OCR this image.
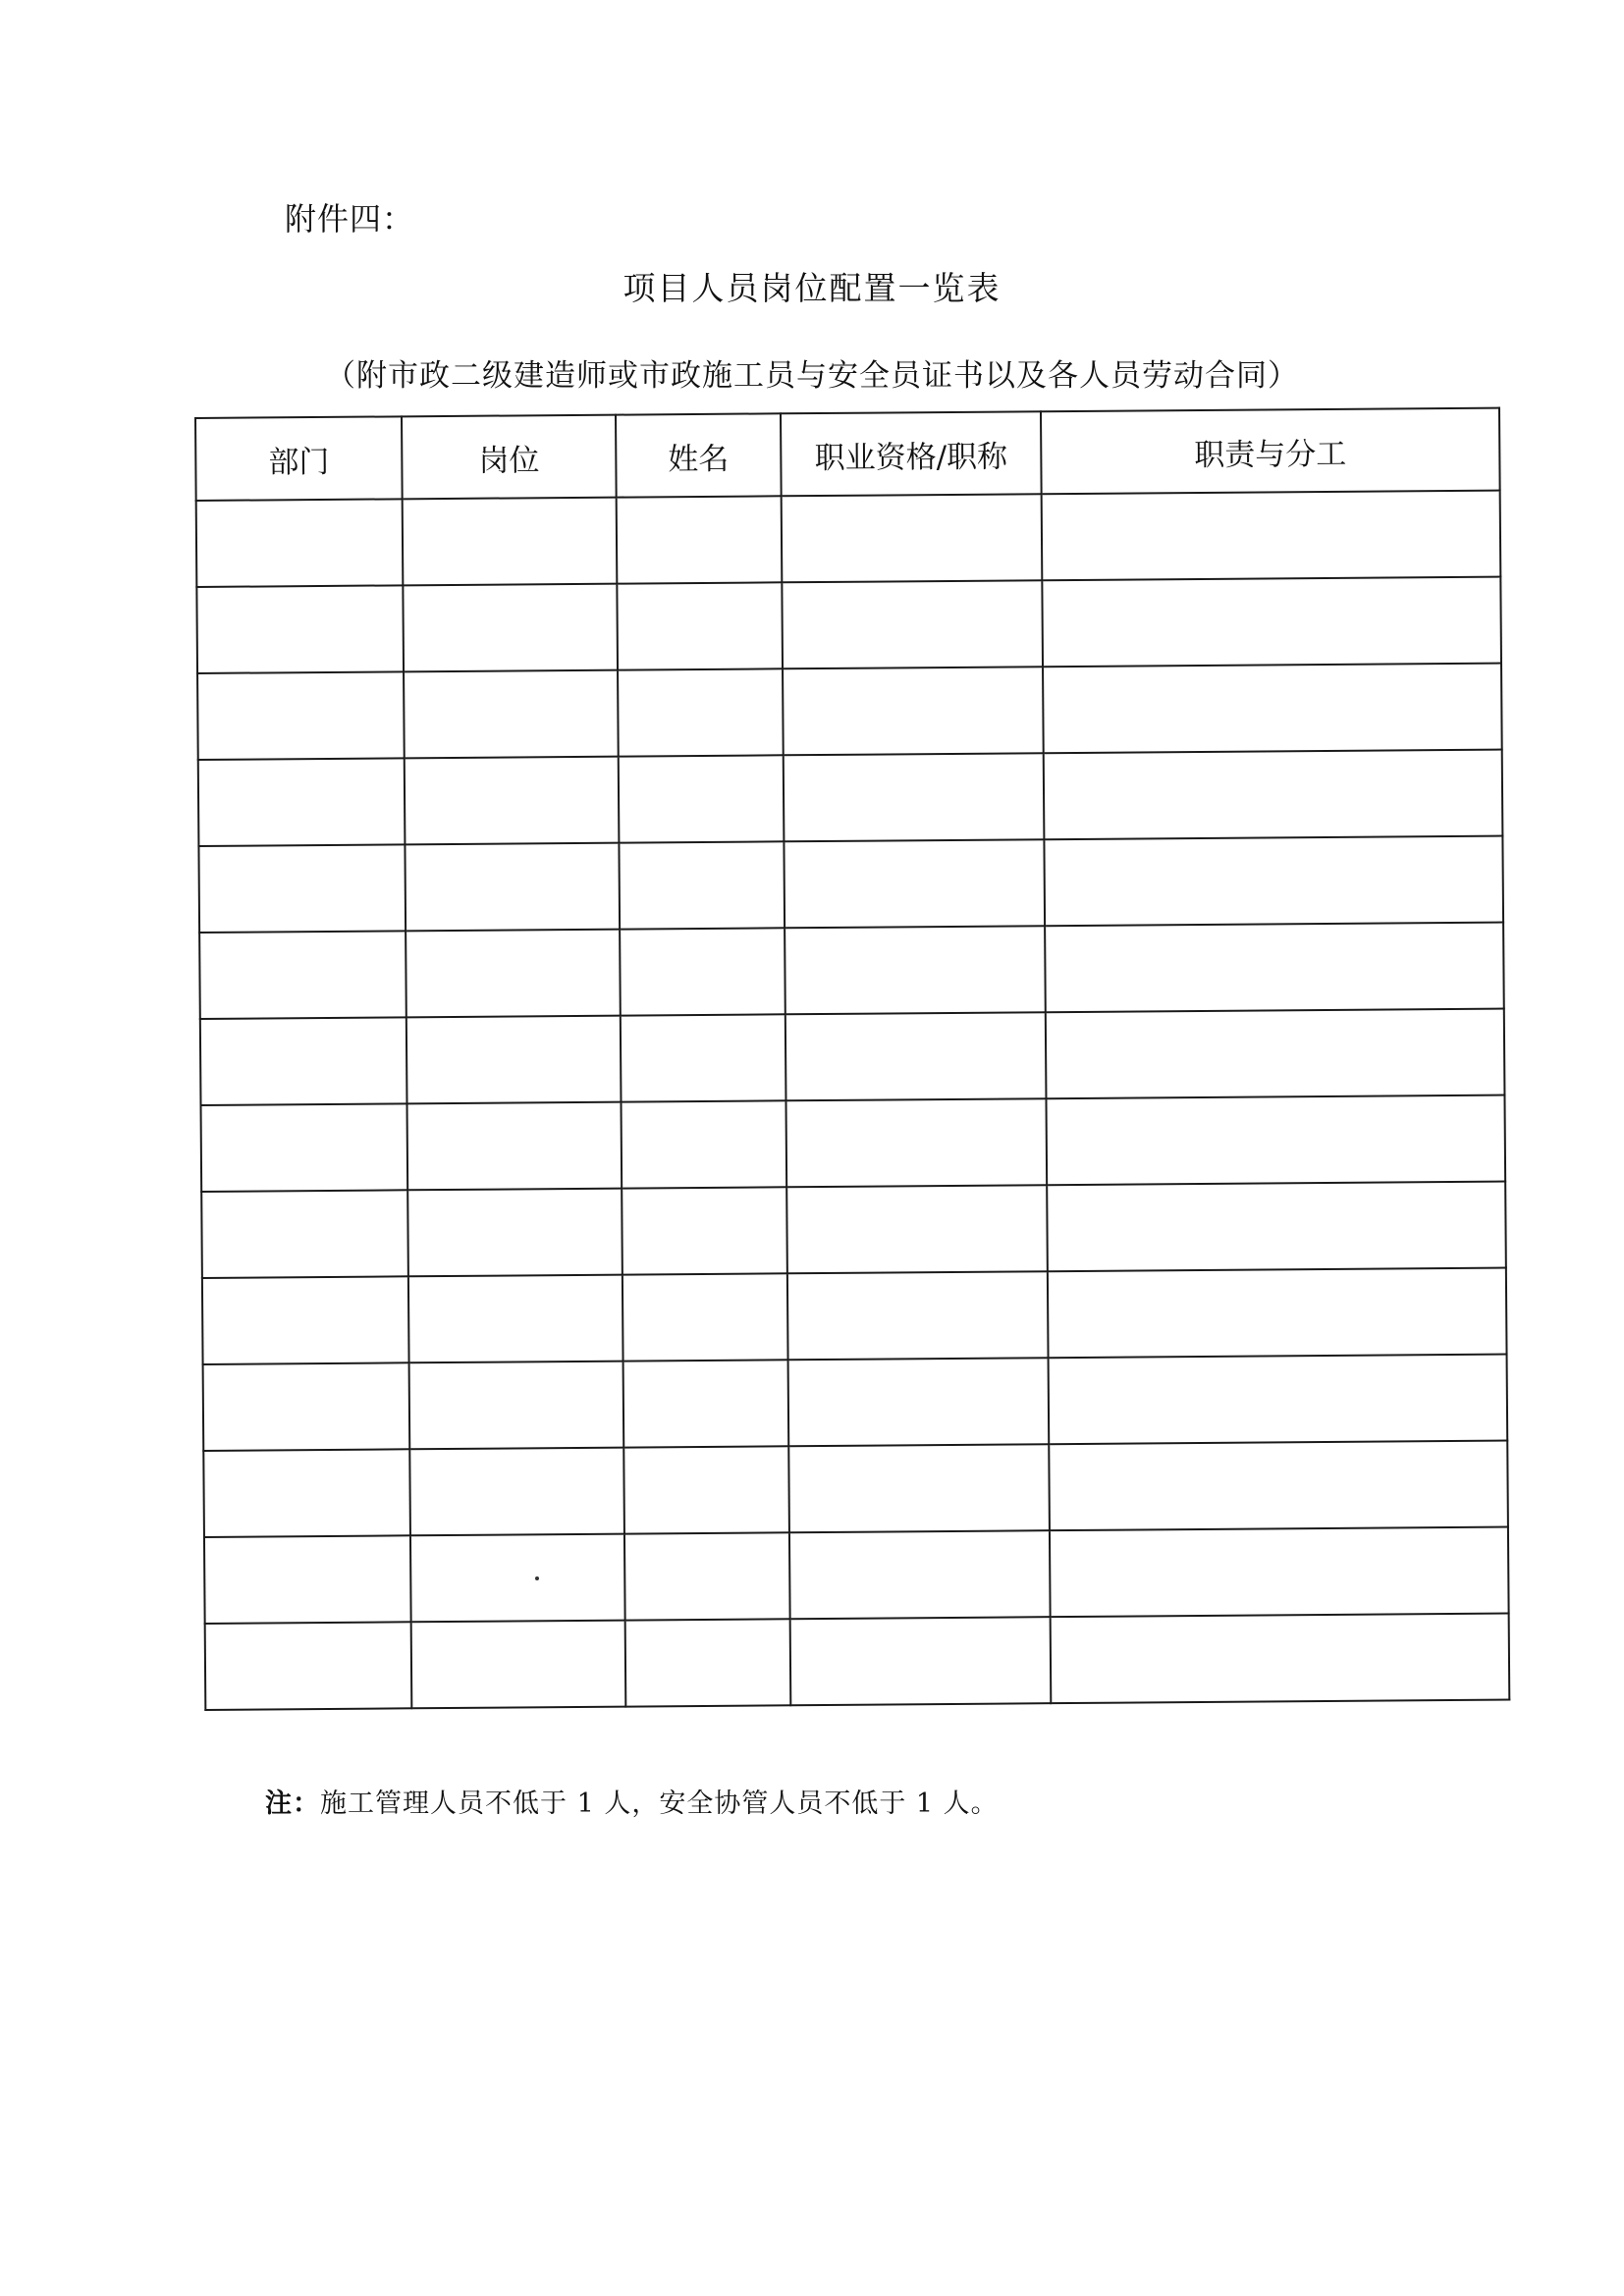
附件四：
项目人员岗位配置一览表
（附市政二级建造师或市政施工员与安全员证书以及各人员劳动合同）
部门	岗位	姓名	职业资格/职称	职责与分工

注：施工管理人员不低于 1 人，安全协管人员不低于 1 人。
